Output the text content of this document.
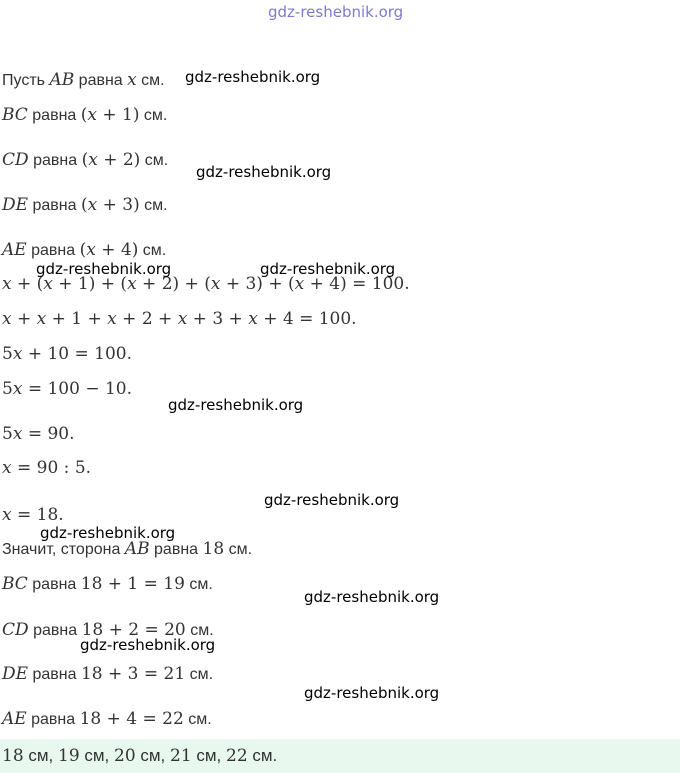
gdz-reshebnik.org

Пусть AB равна x см.

BC равна (x + 1) см.

CD равна (x + 2) см.

DE равна (x + 3) см.

AE равна (x + 4) см.

x + (x + 1) + (x + 2) + (x + 3) + (x + 4) = 100.

x + x + 1 + x + 2 + x + 3 + x + 4 = 100.

5x + 10 = 100.

5x = 100 − 10.

5x = 90.

x = 90 : 5.

x = 18.

Значит, сторона AB равна 18 см.

BC равна 18 + 1 = 19 см.

CD равна 18 + 2 = 20 см.

DE равна 18 + 3 = 21 см.

AE равна 18 + 4 = 22 см.

18 см, 19 см, 20 см, 21 см, 22 см.

gdz-reshebnik.org
gdz-reshebnik.org
gdz-reshebnik.org	gdz-reshebnik.org
gdz-reshebnik.org
gdz-reshebnik.org
gdz-reshebnik.org
gdz-reshebnik.org
gdz-reshebnik.org
gdz-reshebnik.org
